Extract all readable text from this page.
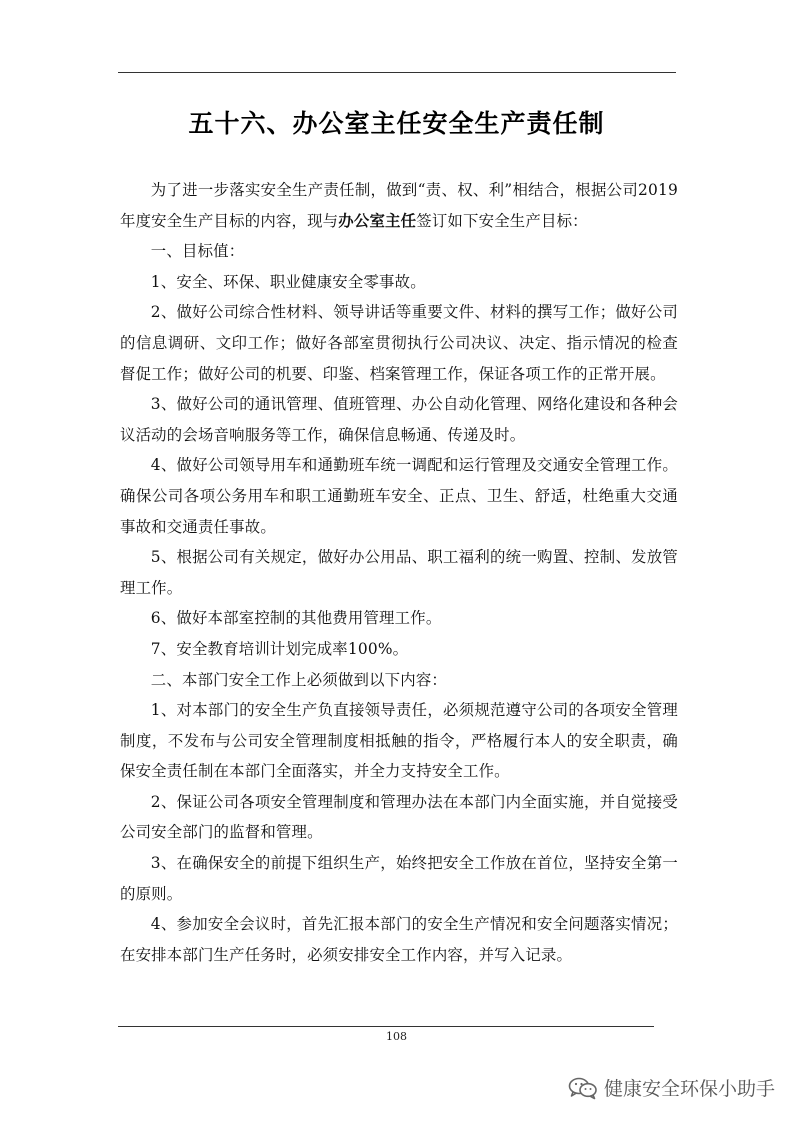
五十六、办公室主任安全生产责任制

为了进一步落实安全生产责任制，做到“责、权、利”相结合，根据公司2019年度安全生产目标的内容，现与办公室主任签订如下安全生产目标：

一、目标值：

1、安全、环保、职业健康安全零事故。

2、做好公司综合性材料、领导讲话等重要文件、材料的撰写工作；做好公司的信息调研、文印工作；做好各部室贯彻执行公司决议、决定、指示情况的检查督促工作；做好公司的机要、印鉴、档案管理工作，保证各项工作的正常开展。

3、做好公司的通讯管理、值班管理、办公自动化管理、网络化建设和各种会议活动的会场音响服务等工作，确保信息畅通、传递及时。

4、做好公司领导用车和通勤班车统一调配和运行管理及交通安全管理工作。确保公司各项公务用车和职工通勤班车安全、正点、卫生、舒适，杜绝重大交通事故和交通责任事故。

5、根据公司有关规定，做好办公用品、职工福利的统一购置、控制、发放管理工作。

6、做好本部室控制的其他费用管理工作。

7、安全教育培训计划完成率100%。

二、本部门安全工作上必须做到以下内容：

1、对本部门的安全生产负直接领导责任，必须规范遵守公司的各项安全管理制度，不发布与公司安全管理制度相抵触的指令，严格履行本人的安全职责，确保安全责任制在本部门全面落实，并全力支持安全工作。

2、保证公司各项安全管理制度和管理办法在本部门内全面实施，并自觉接受公司安全部门的监督和管理。

3、在确保安全的前提下组织生产，始终把安全工作放在首位，坚持安全第一的原则。

4、参加安全会议时，首先汇报本部门的安全生产情况和安全问题落实情况；在安排本部门生产任务时，必须安排安全工作内容，并写入记录。

108
健康安全环保小助手
